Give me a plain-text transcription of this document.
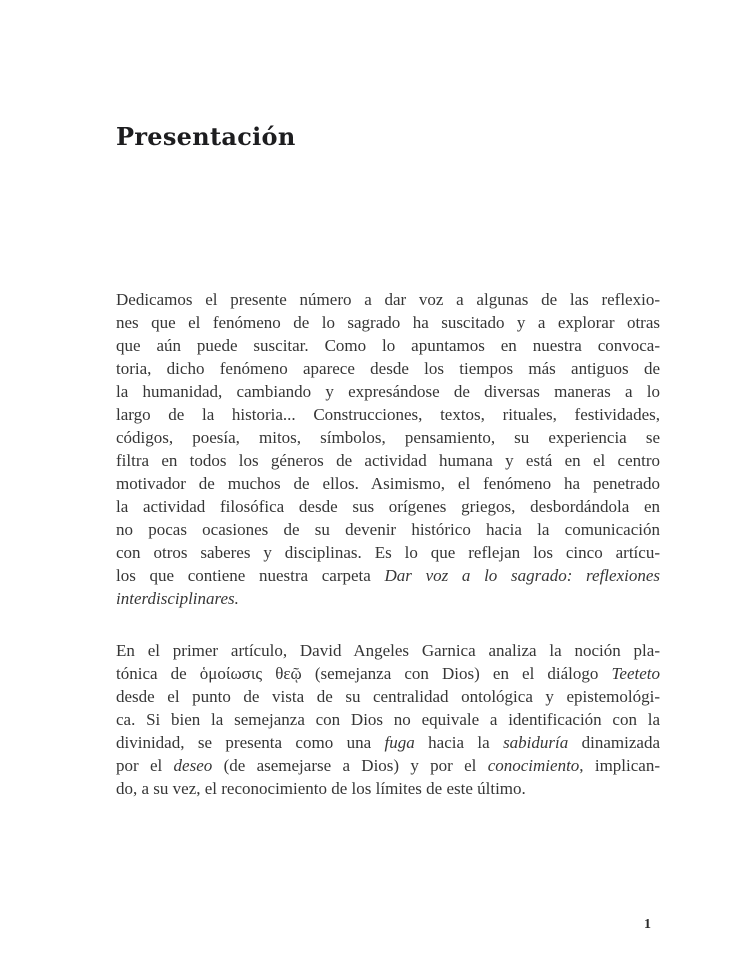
Presentación
Dedicamos el presente número a dar voz a algunas de las reflexio-
nes que el fenómeno de lo sagrado ha suscitado y a explorar otras
que aún puede suscitar. Como lo apuntamos en nuestra convoca-
toria, dicho fenómeno aparece desde los tiempos más antiguos de
la humanidad, cambiando y expresándose de diversas maneras a lo
largo de la historia... Construcciones, textos, rituales, festividades,
códigos, poesía, mitos, símbolos, pensamiento, su experiencia se
filtra en todos los géneros de actividad humana y está en el centro
motivador de muchos de ellos. Asimismo, el fenómeno ha penetrado
la actividad filosófica desde sus orígenes griegos, desbordándola en
no pocas ocasiones de su devenir histórico hacia la comunicación
con otros saberes y disciplinas. Es lo que reflejan los cinco artícu-
los que contiene nuestra carpeta Dar voz a lo sagrado: reflexiones
interdisciplinares.
En el primer artículo, David Angeles Garnica analiza la noción pla-
tónica de ὁμοίωσις θεῷ (semejanza con Dios) en el diálogo Teeteto
desde el punto de vista de su centralidad ontológica y epistemológi-
ca. Si bien la semejanza con Dios no equivale a identificación con la
divinidad, se presenta como una fuga hacia la sabiduría dinamizada
por el deseo (de asemejarse a Dios) y por el conocimiento, implican-
do, a su vez, el reconocimiento de los límites de este último.
1
